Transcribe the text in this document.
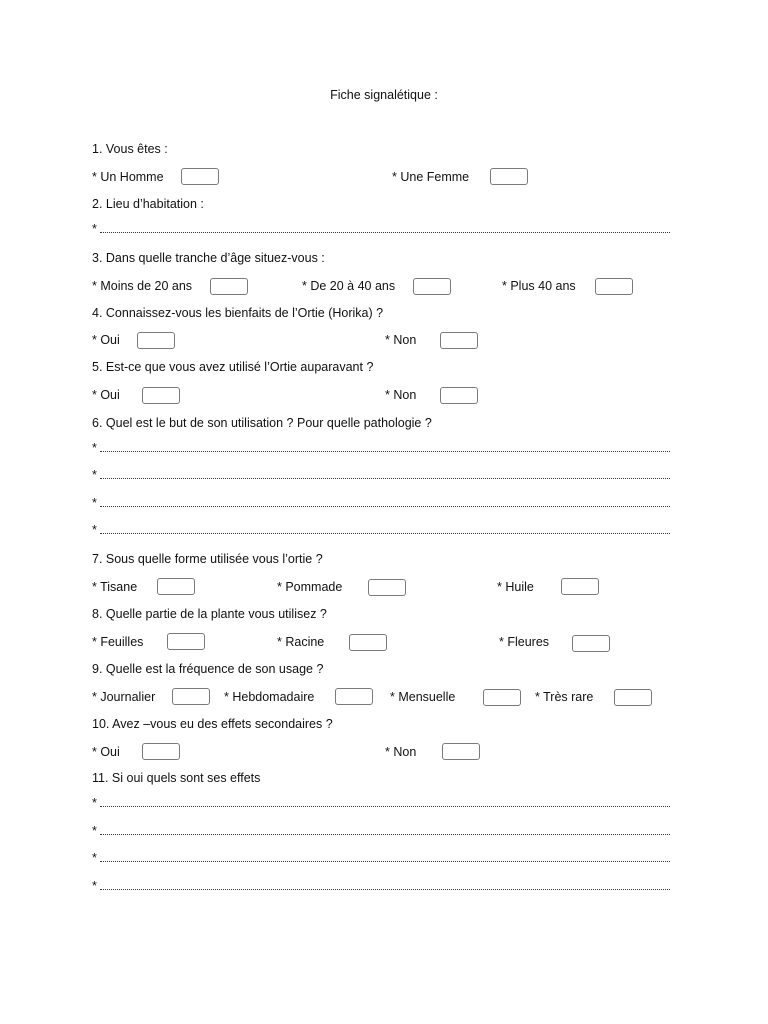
Fiche signalétique :
1. Vous êtes :
* Un Homme	* Une Femme
2. Lieu d’habitation :
*
3. Dans quelle tranche d’âge situez-vous :
* Moins de 20 ans	* De 20 à 40 ans	* Plus 40 ans
4. Connaissez-vous les bienfaits de l’Ortie (Horika) ?
* Oui	* Non
5. Est-ce que vous avez utilisé l’Ortie auparavant ?
* Oui	* Non
6. Quel est le but de son utilisation ? Pour quelle pathologie ?
*
*
*
*
7. Sous quelle forme utilisée vous l’ortie ?
* Tisane	* Pommade	* Huile
8. Quelle partie de la plante vous utilisez ?
* Feuilles	* Racine	* Fleures
9. Quelle est la fréquence de son usage ?
* Journalier	* Hebdomadaire	* Mensuelle	* Très rare
10. Avez –vous eu des effets secondaires ?
* Oui	* Non
11. Si oui quels sont ses effets
*
*
*
*
